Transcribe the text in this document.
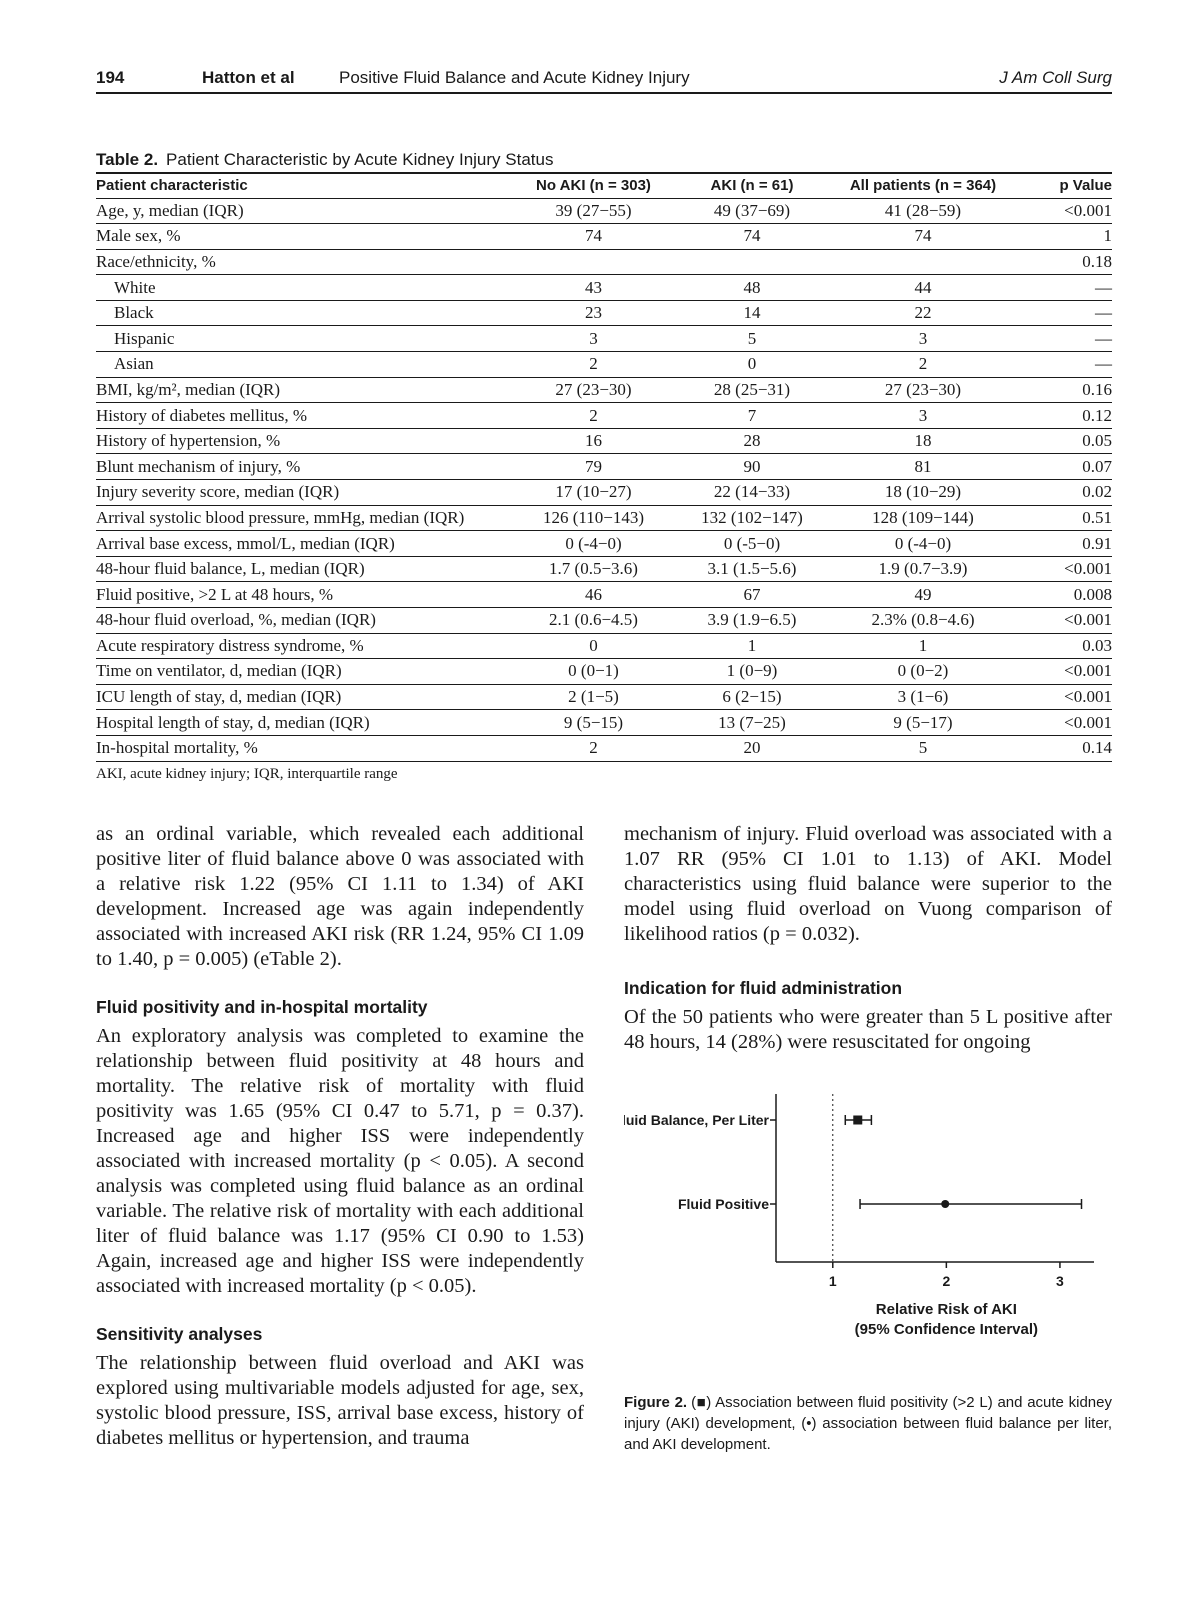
194	Hatton et al	Positive Fluid Balance and Acute Kidney Injury	J Am Coll Surg
Table 2. Patient Characteristic by Acute Kidney Injury Status
Patient characteristic	No AKI (n = 303)	AKI (n = 61)	All patients (n = 364)	p Value
Age, y, median (IQR)	39 (27−55)	49 (37−69)	41 (28−59)	<0.001
Male sex, %	74	74	74	1
Race/ethnicity, %				0.18
White	43	48	44	—
Black	23	14	22	—
Hispanic	3	5	3	—
Asian	2	0	2	—
BMI, kg/m², median (IQR)	27 (23−30)	28 (25−31)	27 (23−30)	0.16
History of diabetes mellitus, %	2	7	3	0.12
History of hypertension, %	16	28	18	0.05
Blunt mechanism of injury, %	79	90	81	0.07
Injury severity score, median (IQR)	17 (10−27)	22 (14−33)	18 (10−29)	0.02
Arrival systolic blood pressure, mmHg, median (IQR)	126 (110−143)	132 (102−147)	128 (109−144)	0.51
Arrival base excess, mmol/L, median (IQR)	0 (-4−0)	0 (-5−0)	0 (-4−0)	0.91
48-hour fluid balance, L, median (IQR)	1.7 (0.5−3.6)	3.1 (1.5−5.6)	1.9 (0.7−3.9)	<0.001
Fluid positive, >2 L at 48 hours, %	46	67	49	0.008
48-hour fluid overload, %, median (IQR)	2.1 (0.6−4.5)	3.9 (1.9−6.5)	2.3% (0.8−4.6)	<0.001
Acute respiratory distress syndrome, %	0	1	1	0.03
Time on ventilator, d, median (IQR)	0 (0−1)	1 (0−9)	0 (0−2)	<0.001
ICU length of stay, d, median (IQR)	2 (1−5)	6 (2−15)	3 (1−6)	<0.001
Hospital length of stay, d, median (IQR)	9 (5−15)	13 (7−25)	9 (5−17)	<0.001
In-hospital mortality, %	2	20	5	0.14
AKI, acute kidney injury; IQR, interquartile range

as an ordinal variable, which revealed each additional positive liter of fluid balance above 0 was associated with a relative risk 1.22 (95% CI 1.11 to 1.34) of AKI development. Increased age was again independently associated with increased AKI risk (RR 1.24, 95% CI 1.09 to 1.40, p = 0.005) (eTable 2).

Fluid positivity and in-hospital mortality

An exploratory analysis was completed to examine the relationship between fluid positivity at 48 hours and mortality. The relative risk of mortality with fluid positivity was 1.65 (95% CI 0.47 to 5.71, p = 0.37). Increased age and higher ISS were independently associated with increased mortality (p < 0.05). A second analysis was completed using fluid balance as an ordinal variable. The relative risk of mortality with each additional liter of fluid balance was 1.17 (95% CI 0.90 to 1.53) Again, increased age and higher ISS were independently associated with increased mortality (p < 0.05).

Sensitivity analyses

The relationship between fluid overload and AKI was explored using multivariable models adjusted for age, sex, systolic blood pressure, ISS, arrival base excess, history of diabetes mellitus or hypertension, and trauma

mechanism of injury. Fluid overload was associated with a 1.07 RR (95% CI 1.01 to 1.13) of AKI. Model characteristics using fluid balance were superior to the model using fluid overload on Vuong comparison of likelihood ratios (p = 0.032).

Indication for fluid administration

Of the 50 patients who were greater than 5 L positive after 48 hours, 14 (28%) were resuscitated for ongoing

1	2	3
Fluid Balance, Per Liter
Fluid Positive
Relative Risk of AKI
(95% Confidence Interval)
Figure 2. (■) Association between fluid positivity (>2 L) and acute kidney injury (AKI) development, (•) association between fluid balance per liter, and AKI development.
